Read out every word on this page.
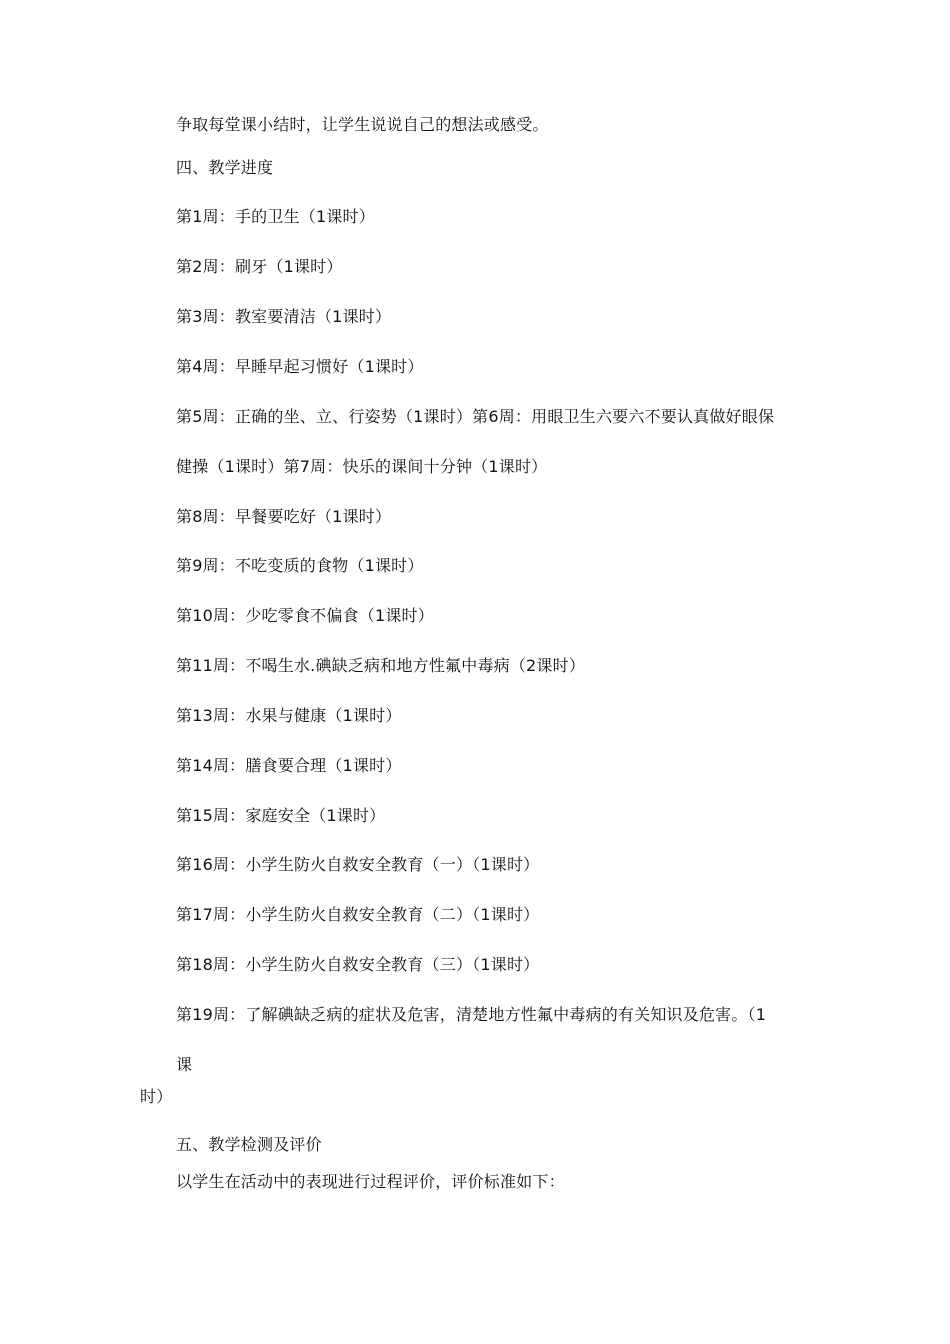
争取每堂课小结时，让学生说说自己的想法或感受。
四、教学进度
第1周：手的卫生（1课时）
第2周：刷牙（1课时）
第3周：教室要清洁（1课时）
第4周：早睡早起习惯好（1课时）
第5周：正确的坐、立、行姿势（1课时）第6周：用眼卫生六要六不要认真做好眼保
健操（1课时）第7周：快乐的课间十分钟（1课时）
第8周：早餐要吃好（1课时）
第9周：不吃变质的食物（1课时）
第10周：少吃零食不偏食（1课时）
第11周：不喝生水.碘缺乏病和地方性氟中毒病（2课时）
第13周：水果与健康（1课时）
第14周：膳食要合理（1课时）
第15周：家庭安全（1课时）
第16周：小学生防火自救安全教育（一）（1课时）
第17周：小学生防火自救安全教育（二）（1课时）
第18周：小学生防火自救安全教育（三）（1课时）
第19周：了解碘缺乏病的症状及危害，清楚地方性氟中毒病的有关知识及危害。（1
课
时）
五、教学检测及评价
以学生在活动中的表现进行过程评价，评价标准如下：
